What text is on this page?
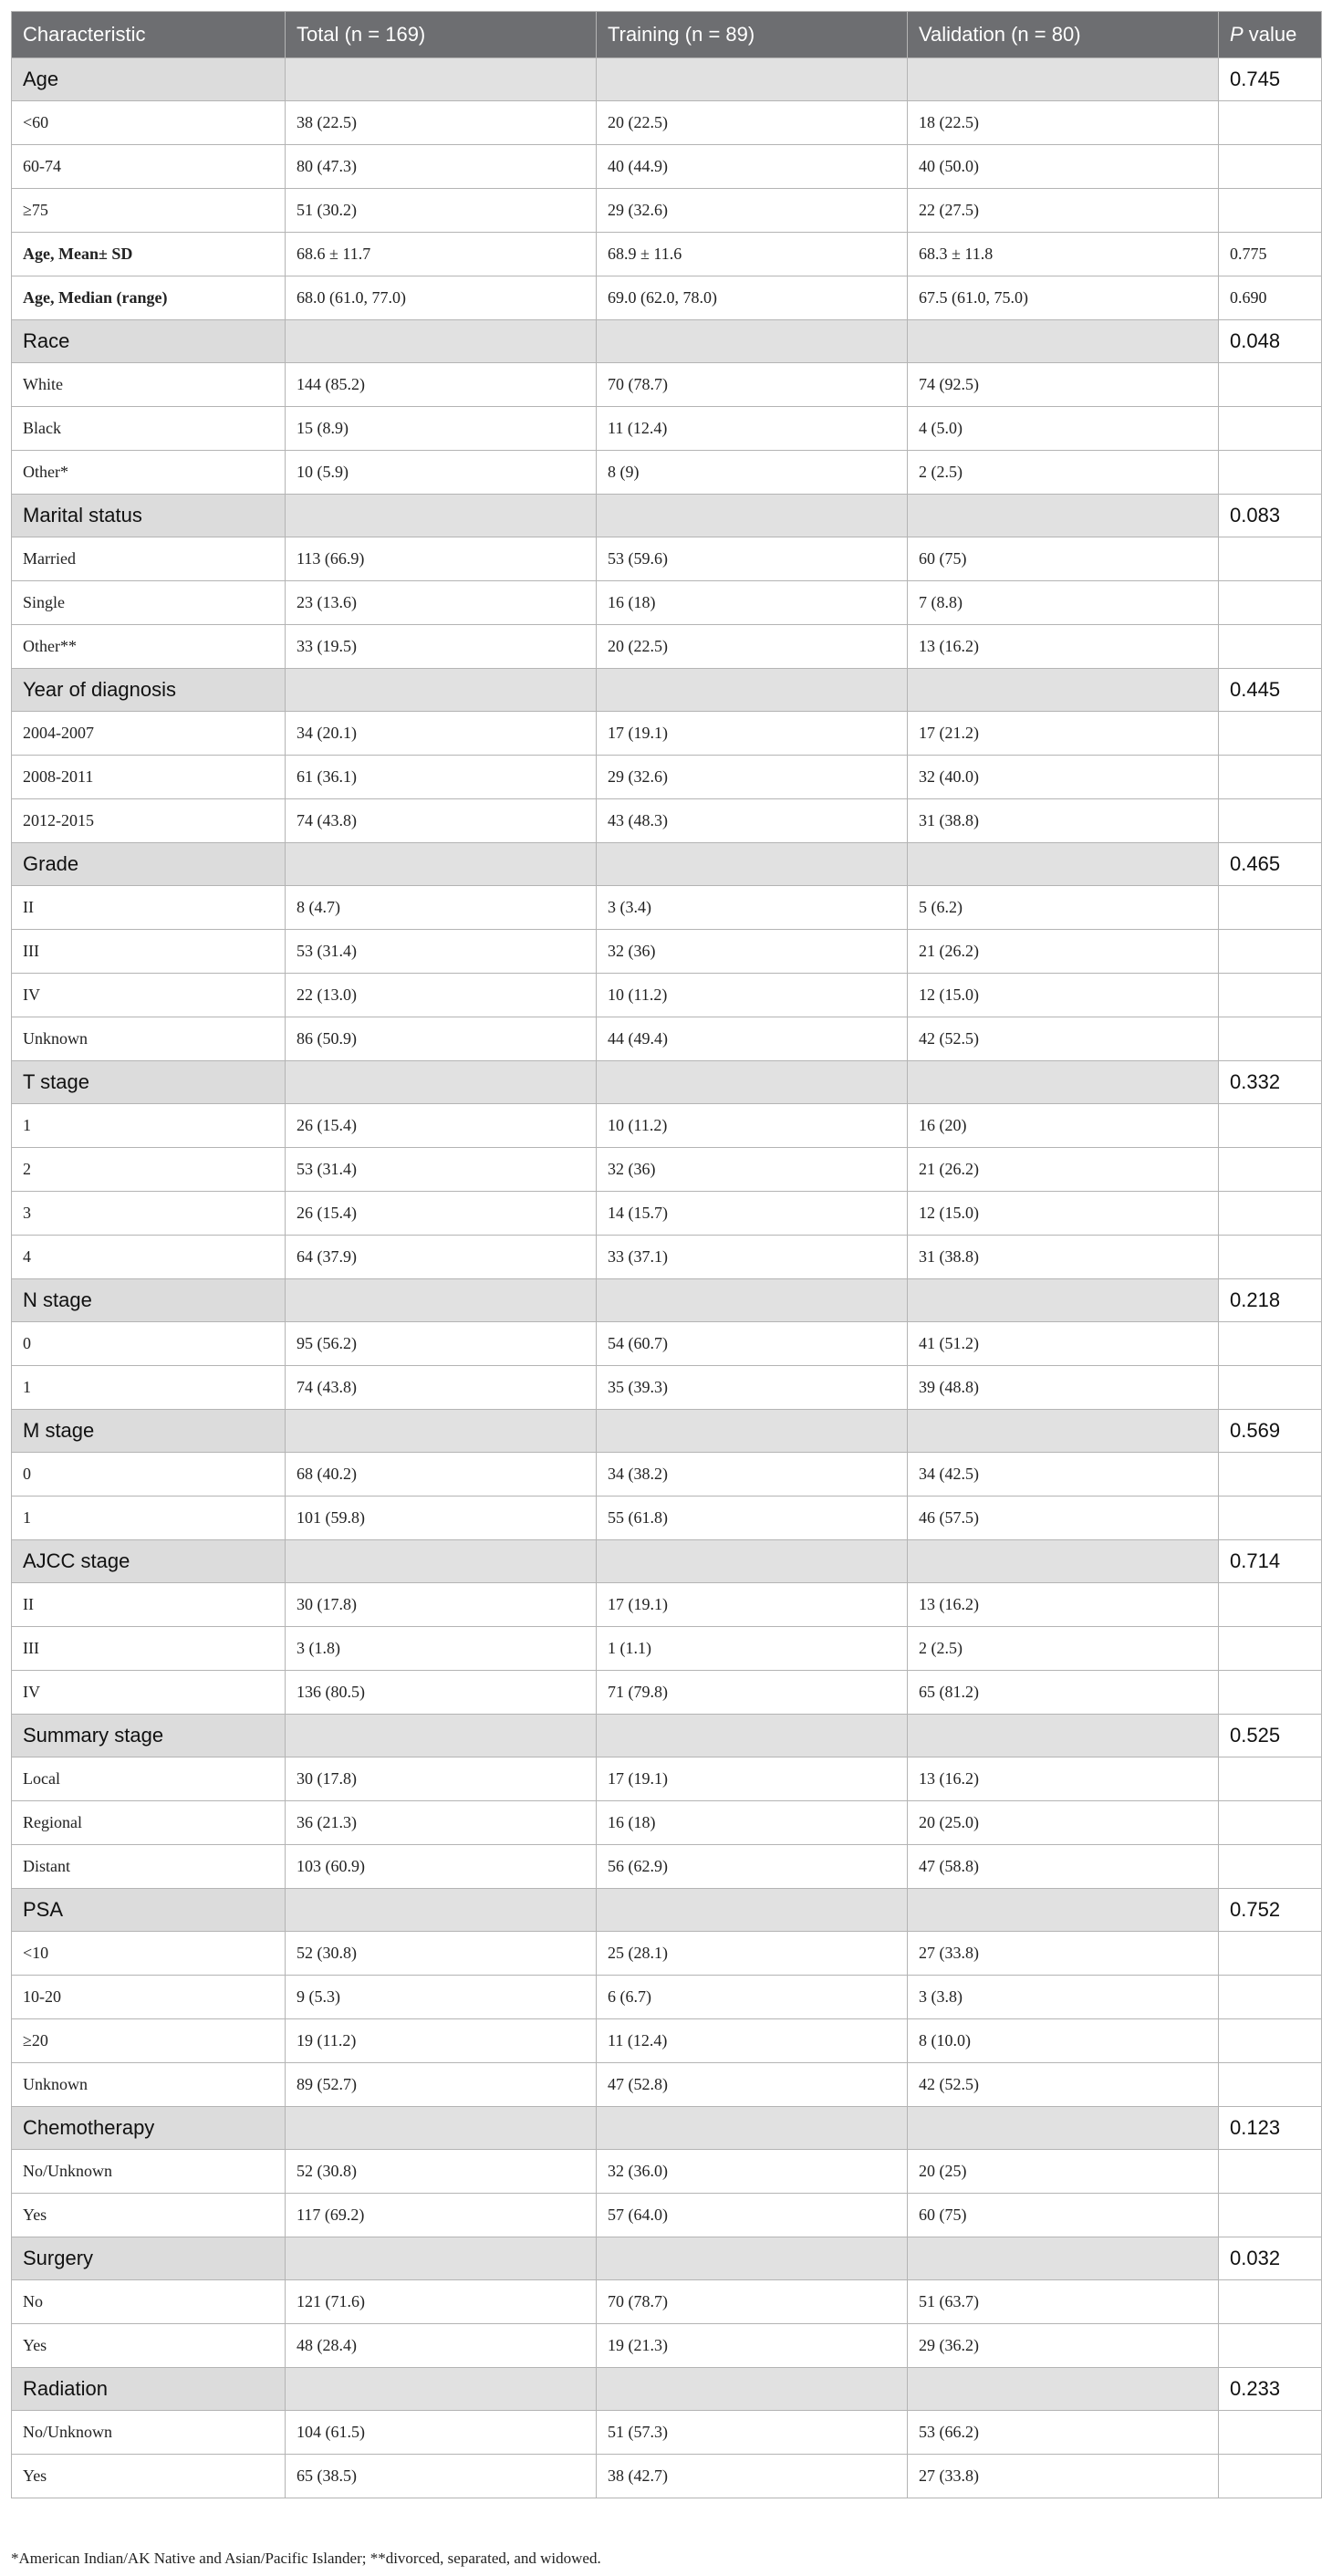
Characteristic	Total (n = 169)	Training (n = 89)	Validation (n = 80)	P value
Age				0.745
<60	38 (22.5)	20 (22.5)	18 (22.5)	
60-74	80 (47.3)	40 (44.9)	40 (50.0)	
≥75	51 (30.2)	29 (32.6)	22 (27.5)	
Age, Mean± SD	68.6 ± 11.7	68.9 ± 11.6	68.3 ± 11.8	0.775
Age, Median (range)	68.0 (61.0, 77.0)	69.0 (62.0, 78.0)	67.5 (61.0, 75.0)	0.690
Race				0.048
White	144 (85.2)	70 (78.7)	74 (92.5)	
Black	15 (8.9)	11 (12.4)	4 (5.0)	
Other*	10 (5.9)	8 (9)	2 (2.5)	
Marital status				0.083
Married	113 (66.9)	53 (59.6)	60 (75)	
Single	23 (13.6)	16 (18)	7 (8.8)	
Other**	33 (19.5)	20 (22.5)	13 (16.2)	
Year of diagnosis				0.445
2004-2007	34 (20.1)	17 (19.1)	17 (21.2)	
2008-2011	61 (36.1)	29 (32.6)	32 (40.0)	
2012-2015	74 (43.8)	43 (48.3)	31 (38.8)	
Grade				0.465
II	8 (4.7)	3 (3.4)	5 (6.2)	
III	53 (31.4)	32 (36)	21 (26.2)	
IV	22 (13.0)	10 (11.2)	12 (15.0)	
Unknown	86 (50.9)	44 (49.4)	42 (52.5)	
T stage				0.332
1	26 (15.4)	10 (11.2)	16 (20)	
2	53 (31.4)	32 (36)	21 (26.2)	
3	26 (15.4)	14 (15.7)	12 (15.0)	
4	64 (37.9)	33 (37.1)	31 (38.8)	
N stage				0.218
0	95 (56.2)	54 (60.7)	41 (51.2)	
1	74 (43.8)	35 (39.3)	39 (48.8)	
M stage				0.569
0	68 (40.2)	34 (38.2)	34 (42.5)	
1	101 (59.8)	55 (61.8)	46 (57.5)	
AJCC stage				0.714
II	30 (17.8)	17 (19.1)	13 (16.2)	
III	3 (1.8)	1 (1.1)	2 (2.5)	
IV	136 (80.5)	71 (79.8)	65 (81.2)	
Summary stage				0.525
Local	30 (17.8)	17 (19.1)	13 (16.2)	
Regional	36 (21.3)	16 (18)	20 (25.0)	
Distant	103 (60.9)	56 (62.9)	47 (58.8)	
PSA				0.752
<10	52 (30.8)	25 (28.1)	27 (33.8)	
10-20	9 (5.3)	6 (6.7)	3 (3.8)	
≥20	19 (11.2)	11 (12.4)	8 (10.0)	
Unknown	89 (52.7)	47 (52.8)	42 (52.5)	
Chemotherapy				0.123
No/Unknown	52 (30.8)	32 (36.0)	20 (25)	
Yes	117 (69.2)	57 (64.0)	60 (75)	
Surgery				0.032
No	121 (71.6)	70 (78.7)	51 (63.7)	
Yes	48 (28.4)	19 (21.3)	29 (36.2)	
Radiation				0.233
No/Unknown	104 (61.5)	51 (57.3)	53 (66.2)	
Yes	65 (38.5)	38 (42.7)	27 (33.8)	
*American Indian/AK Native and Asian/Pacific Islander; **divorced, separated, and widowed.
